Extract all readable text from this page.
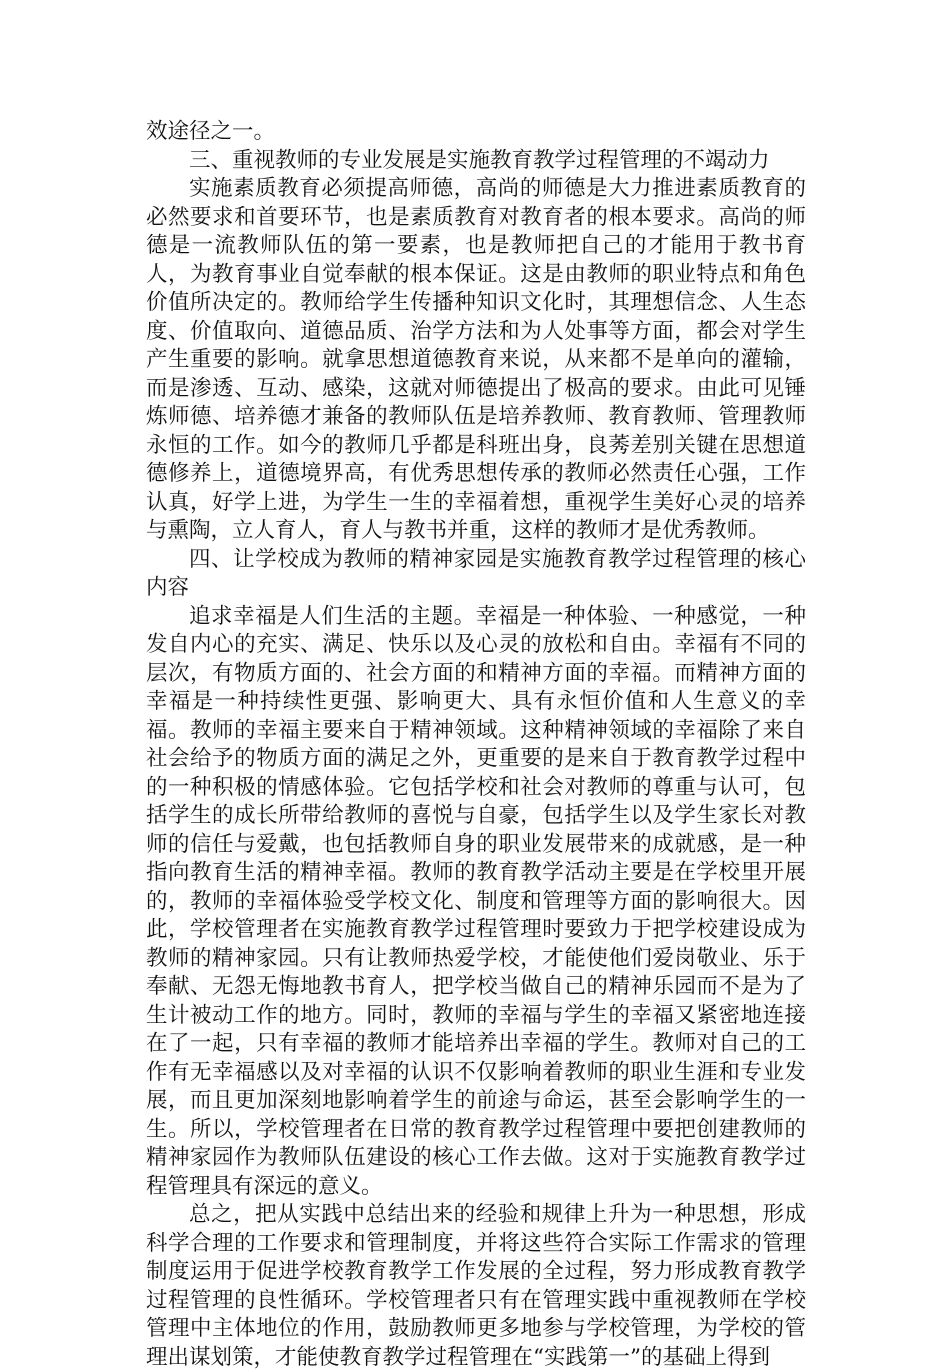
效途径之一。

三、重视教师的专业发展是实施教育教学过程管理的不竭动力

实施素质教育必须提高师德，高尚的师德是大力推进素质教育的必然要求和首要环节，也是素质教育对教育者的根本要求。高尚的师德是一流教师队伍的第一要素，也是教师把自己的才能用于教书育人，为教育事业自觉奉献的根本保证。这是由教师的职业特点和角色价值所决定的。教师给学生传播种知识文化时，其理想信念、人生态度、价值取向、道德品质、治学方法和为人处事等方面，都会对学生产生重要的影响。就拿思想道德教育来说，从来都不是单向的灌输，而是渗透、互动、感染，这就对师德提出了极高的要求。由此可见锤炼师德、培养德才兼备的教师队伍是培养教师、教育教师、管理教师永恒的工作。如今的教师几乎都是科班出身，良莠差别关键在思想道德修养上，道德境界高，有优秀思想传承的教师必然责任心强，工作认真，好学上进，为学生一生的幸福着想，重视学生美好心灵的培养与熏陶，立人育人，育人与教书并重，这样的教师才是优秀教师。

四、让学校成为教师的精神家园是实施教育教学过程管理的核心内容

追求幸福是人们生活的主题。幸福是一种体验、一种感觉，一种发自内心的充实、满足、快乐以及心灵的放松和自由。幸福有不同的层次，有物质方面的、社会方面的和精神方面的幸福。而精神方面的幸福是一种持续性更强、影响更大、具有永恒价值和人生意义的幸福。教师的幸福主要来自于精神领域。这种精神领域的幸福除了来自社会给予的物质方面的满足之外，更重要的是来自于教育教学过程中的一种积极的情感体验。它包括学校和社会对教师的尊重与认可，包括学生的成长所带给教师的喜悦与自豪，包括学生以及学生家长对教师的信任与爱戴，也包括教师自身的职业发展带来的成就感，是一种指向教育生活的精神幸福。教师的教育教学活动主要是在学校里开展的，教师的幸福体验受学校文化、制度和管理等方面的影响很大。因此，学校管理者在实施教育教学过程管理时要致力于把学校建设成为教师的精神家园。只有让教师热爱学校，才能使他们爱岗敬业、乐于奉献、无怨无悔地教书育人，把学校当做自己的精神乐园而不是为了生计被动工作的地方。同时，教师的幸福与学生的幸福又紧密地连接在了一起，只有幸福的教师才能培养出幸福的学生。教师对自己的工作有无幸福感以及对幸福的认识不仅影响着教师的职业生涯和专业发展，而且更加深刻地影响着学生的前途与命运，甚至会影响学生的一生。所以，学校管理者在日常的教育教学过程管理中要把创建教师的精神家园作为教师队伍建设的核心工作去做。这对于实施教育教学过程管理具有深远的意义。

总之，把从实践中总结出来的经验和规律上升为一种思想，形成科学合理的工作要求和管理制度，并将这些符合实际工作需求的管理制度运用于促进学校教育教学工作发展的全过程，努力形成教育教学过程管理的良性循环。学校管理者只有在管理实践中重视教师在学校管理中主体地位的作用，鼓励教师更多地参与学校管理，为学校的管理出谋划策，才能使教育教学过程管理在“实践第一”的基础上得到
